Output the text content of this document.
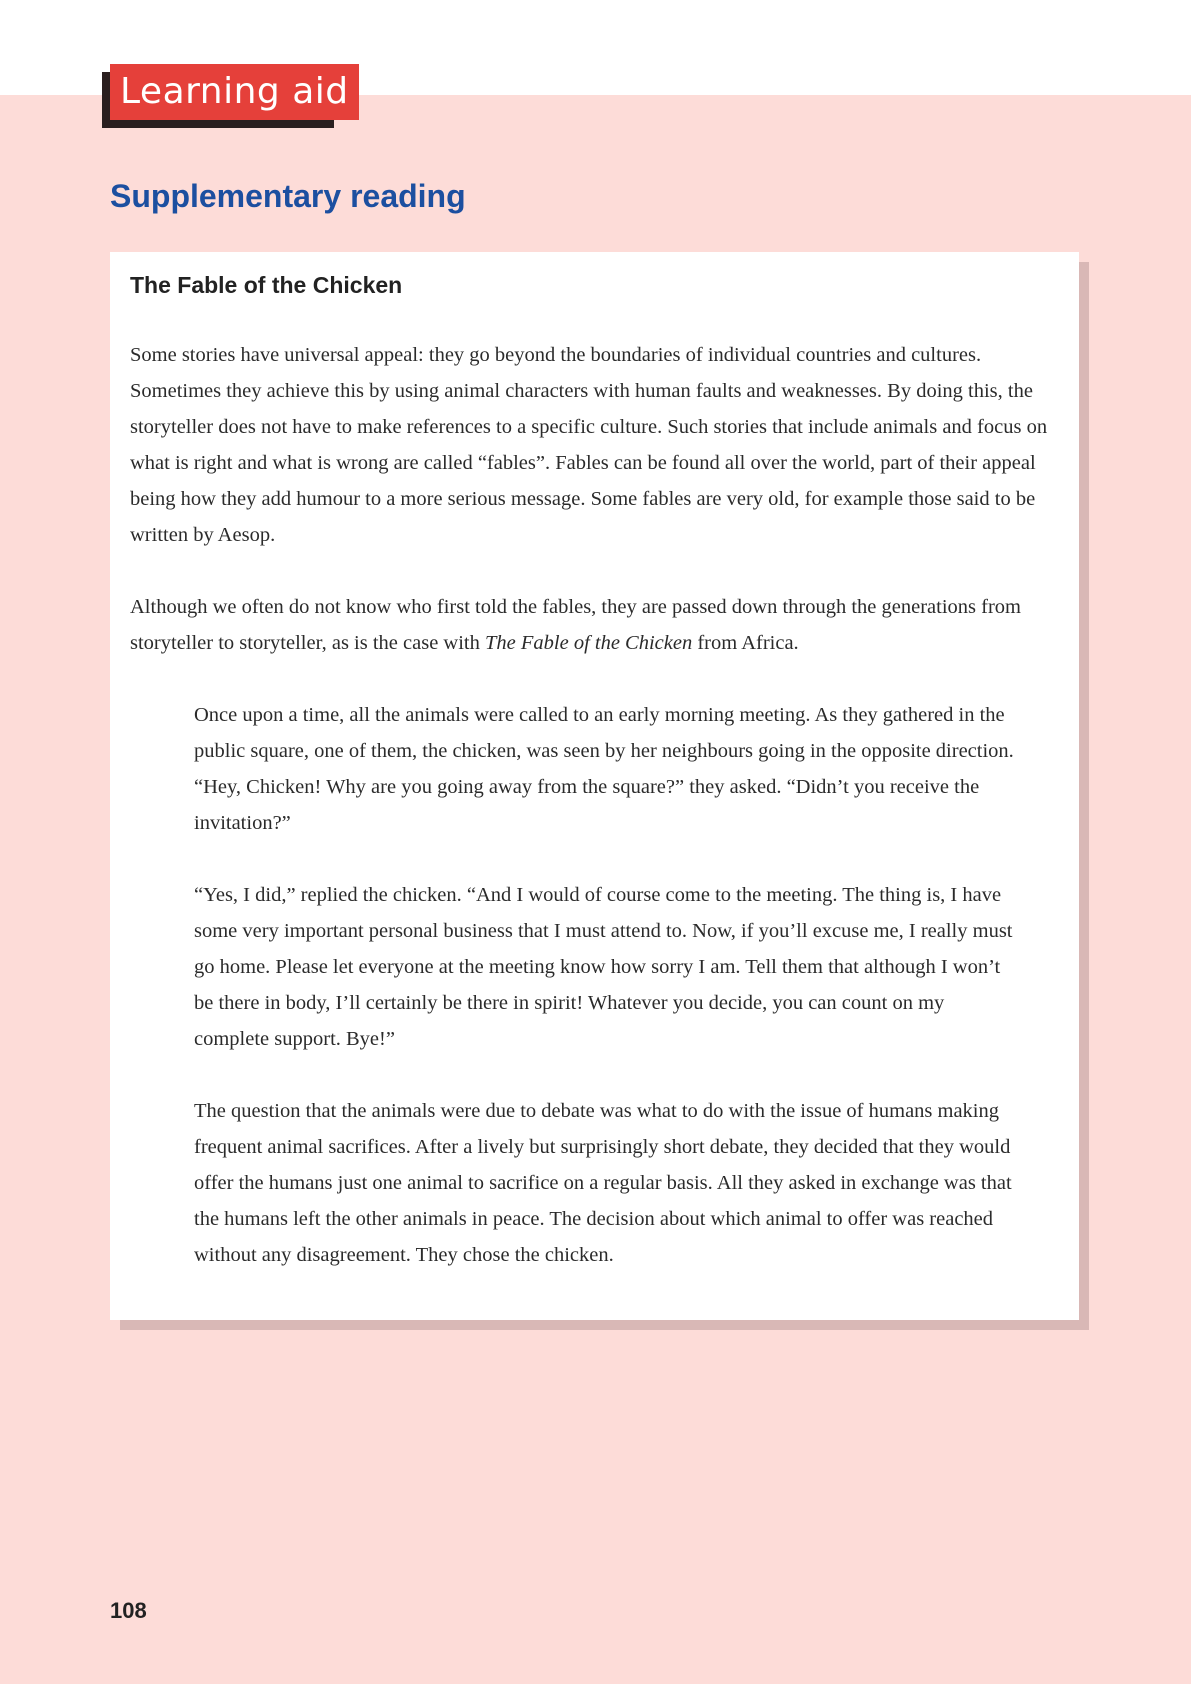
Learning aid
Supplementary reading
The Fable of the Chicken

Some stories have universal appeal: they go beyond the boundaries of individual countries and cultures. Sometimes they achieve this by using animal characters with human faults and weaknesses. By doing this, the storyteller does not have to make references to a specific culture. Such stories that include animals and focus on what is right and what is wrong are called “fables”. Fables can be found all over the world, part of their appeal being how they add humour to a more serious message. Some fables are very old, for example those said to be written by Aesop.

Although we often do not know who first told the fables, they are passed down through the generations from storyteller to storyteller, as is the case with The Fable of the Chicken from Africa.

Once upon a time, all the animals were called to an early morning meeting. As they gathered in the public square, one of them, the chicken, was seen by her neighbours going in the opposite direction. “Hey, Chicken! Why are you going away from the square?” they asked. “Didn’t you receive the invitation?”

“Yes, I did,” replied the chicken. “And I would of course come to the meeting. The thing is, I have some very important personal business that I must attend to. Now, if you’ll excuse me, I really must go home. Please let everyone at the meeting know how sorry I am. Tell them that although I won’t be there in body, I’ll certainly be there in spirit! Whatever you decide, you can count on my complete support. Bye!”

The question that the animals were due to debate was what to do with the issue of humans making frequent animal sacrifices. After a lively but surprisingly short debate, they decided that they would offer the humans just one animal to sacrifice on a regular basis. All they asked in exchange was that the humans left the other animals in peace. The decision about which animal to offer was reached without any disagreement. They chose the chicken.

108
